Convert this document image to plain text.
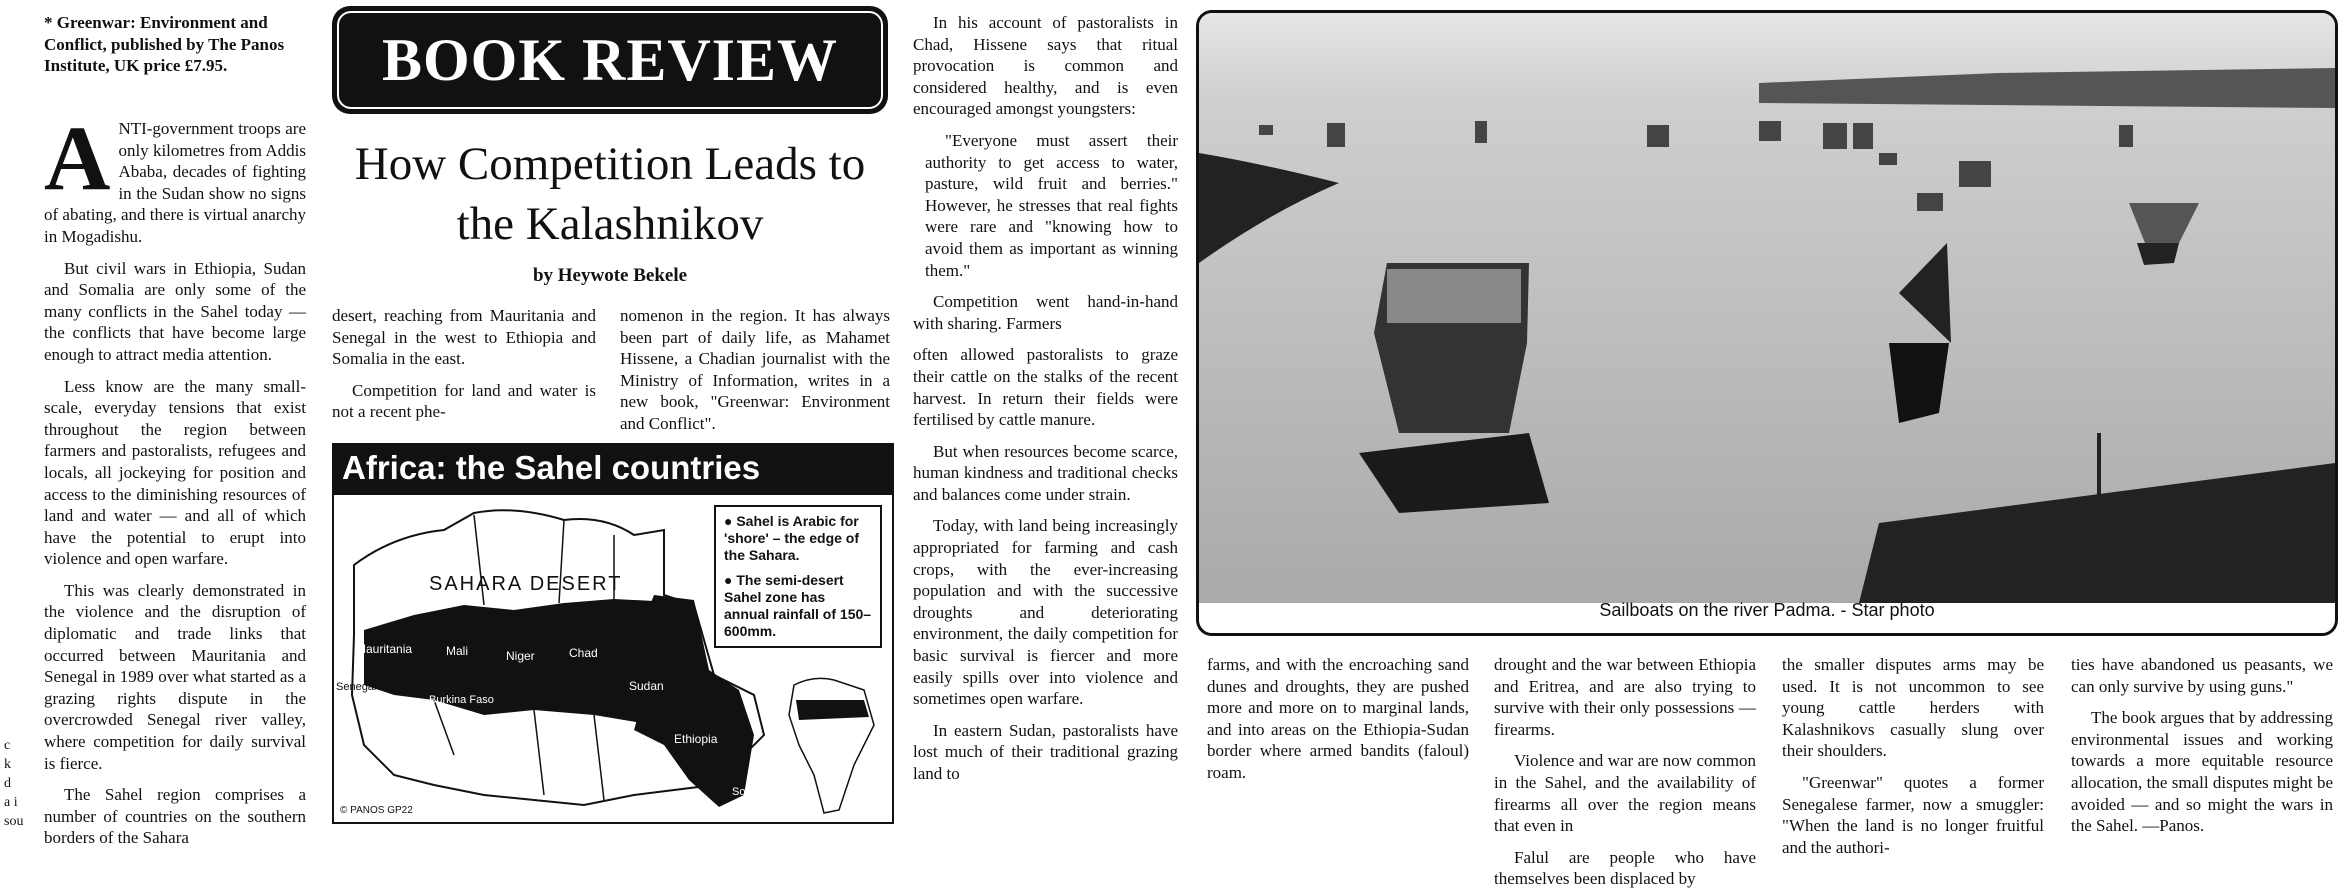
* Greenwar: Environment and Conflict, published by The Panos Institute, UK price £7.95.

ANTI-government troops are only kilometres from Addis Ababa, decades of fighting in the Sudan show no signs of abating, and there is virtual anarchy in Mogadishu.

But civil wars in Ethiopia, Sudan and Somalia are only some of the many conflicts in the Sahel today — the conflicts that have become large enough to attract media attention.

Less know are the many small-scale, everyday tensions that exist throughout the region between farmers and pastoralists, refugees and locals, all jockeying for position and access to the diminishing resources of land and water — and all of which have the potential to erupt into violence and open warfare.

This was clearly demonstrated in the violence and the disruption of diplomatic and trade links that occurred between Mauritania and Senegal in 1989 over what started as a grazing rights dispute in the overcrowded Senegal river valley, where competition for daily survival is fierce.

The Sahel region comprises a number of countries on the southern borders of the Sahara

c
k
d
a i
sou
BOOK REVIEW
How Competition Leads to the Kalashnikov
by Heywote Bekele

desert, reaching from Mauritania and Senegal in the west to Ethiopia and Somalia in the east.

Competition for land and water is not a recent phe-

nomenon in the region. It has always been part of daily life, as Mahamet Hissene, a Chadian journalist with the Ministry of Information, writes in a new book, "Greenwar: Environment and Conflict".

Africa: the Sahel countries
SAHARA DESERT
Mauritania	Mali	Niger	Chad
Sudan
Ethiopia
Senegal
Burkina Faso
Somalia
© PANOS GP22
● Sahel is Arabic for 'shore' – the edge of the Sahara.
● The semi-desert Sahel zone has annual rainfall of 150–600mm.

In his account of pastoralists in Chad, Hissene says that ritual provocation is common and considered healthy, and is even encouraged amongst youngsters:

"Everyone must assert their authority to get access to water, pasture, wild fruit and berries." However, he stresses that real fights were rare and "knowing how to avoid them as important as winning them."

Competition went hand-in-hand with sharing. Farmers

often allowed pastoralists to graze their cattle on the stalks of the recent harvest. In return their fields were fertilised by cattle manure.

But when resources become scarce, human kindness and traditional checks and balances come under strain.

Today, with land being increasingly appropriated for farming and cash crops, with the ever-increasing population and with the successive droughts and deteriorating environment, the daily competition for basic survival is fiercer and more easily spills over into violence and sometimes open warfare.

In eastern Sudan, pastoralists have lost much of their traditional grazing land to

Sailboats on the river Padma. - Star photo

farms, and with the encroaching sand dunes and droughts, they are pushed more and more on to marginal lands, and into areas on the Ethiopia-Sudan border where armed bandits (faloul) roam.

drought and the war between Ethiopia and Eritrea, and are also trying to survive with their only possessions —firearms.

Violence and war are now common in the Sahel, and the availability of firearms all over the region means that even in

Falul are people who have themselves been displaced by

the smaller disputes arms may be used. It is not uncommon to see young cattle herders with Kalashnikovs casually slung over their shoulders.

"Greenwar" quotes a former Senegalese farmer, now a smuggler: "When the land is no longer fruitful and the authori-

ties have abandoned us peasants, we can only survive by using guns."

The book argues that by addressing environmental issues and working towards a more equitable resource allocation, the small disputes might be avoided — and so might the wars in the Sahel. —Panos.
